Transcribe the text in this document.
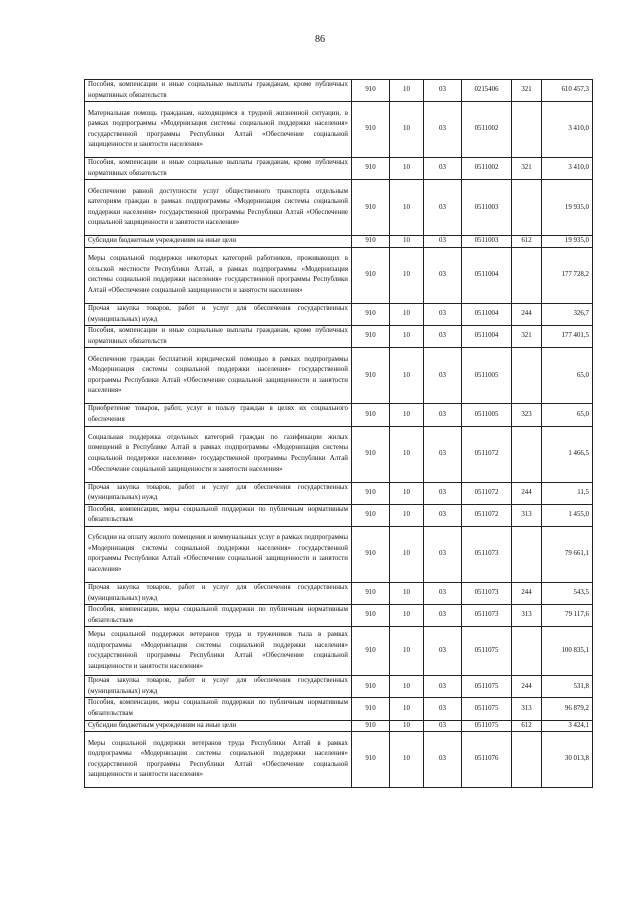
86
Пособия, компенсации и иные социальные выплаты гражданам, кроме публичных нормативных обязательств	910	10	03	0215406	321	610 457,3
Материальная помощь гражданам, находящимся в трудной жизненной ситуации, в рамках подпрограммы «Модернизация системы социальной поддержки населения» государственной программы Республики Алтай «Обеспечение социальной защищенности и занятости населения»	910	10	03	0511002		3 410,0
Пособия, компенсации и иные социальные выплаты гражданам, кроме публичных нормативных обязательств	910	10	03	0511002	321	3 410,0
Обеспечение равной доступности услуг общественного транспорта отдельным категориям граждан в рамках подпрограммы «Модернизация системы социальной поддержки населения» государственной программы Республики Алтай «Обеспечение социальной защищенности и занятости населения»	910	10	03	0511003		19 935,0
Субсидии бюджетным учреждениям на иные цели	910	10	03	0511003	612	19 935,0
Меры социальной поддержки некоторых категорий работников, проживающих в сельской местности Республики Алтай, в рамках подпрограммы «Модернизация системы социальной поддержки населения» государственной программы Республики Алтай «Обеспечение социальной защищенности и занятости населения»	910	10	03	0511004		177 728,2
Прочая закупка товаров, работ и услуг для обеспечения государственных (муниципальных) нужд	910	10	03	0511004	244	326,7
Пособия, компенсации и иные социальные выплаты гражданам, кроме публичных нормативных обязательств	910	10	03	0511004	321	177 401,5
Обеспечение граждан бесплатной юридической помощью в рамках подпрограммы «Модернизация системы социальной поддержки населения» государственной программы Республики Алтай «Обеспечение социальной защищенности и занятости населения»	910	10	03	0511005		65,0
Приобретение товаров, работ, услуг в пользу граждан в целях их социального обеспечения	910	10	03	0511005	323	65,0
Социальная поддержка отдельных категорий граждан по газификации жилых помещений в Республике Алтай в рамках подпрограммы «Модернизация системы социальной поддержки населения» государственной программы Республики Алтай «Обеспечение социальной защищенности и занятости населения»	910	10	03	0511072		1 466,5
Прочая закупка товаров, работ и услуг для обеспечения государственных (муниципальных) нужд	910	10	03	0511072	244	11,5
Пособия, компенсации, меры социальной поддержки по публичным нормативным обязательствам	910	10	03	0511072	313	1 455,0
Субсидии на оплату жилого помещения и коммунальных услуг в рамках подпрограммы «Модернизация системы социальной поддержки населения» государственной программы Республики Алтай «Обеспечение социальной защищенности и занятости населения»	910	10	03	0511073		79 661,1
Прочая закупка товаров, работ и услуг для обеспечения государственных (муниципальных) нужд	910	10	03	0511073	244	543,5
Пособия, компенсации, меры социальной поддержки по публичным нормативным обязательствам	910	10	03	0511073	313	79 117,6
Меры социальной поддержки ветеранов труда и тружеников тыла в рамках подпрограммы «Модернизация системы социальной поддержки населения» государственной программы Республики Алтай «Обеспечение социальной защищенности и занятости населения»	910	10	03	0511075		100 835,1
Прочая закупка товаров, работ и услуг для обеспечения государственных (муниципальных) нужд	910	10	03	0511075	244	531,8
Пособия, компенсации, меры социальной поддержки по публичным нормативным обязательствам	910	10	03	0511075	313	96 879,2
Субсидии бюджетным учреждениям на иные цели	910	10	03	0511075	612	3 424,1
Меры социальной поддержки ветеранов труда Республики Алтай в рамках подпрограммы «Модернизация системы социальной поддержки населения» государственной программы Республики Алтай «Обеспечение социальной защищенности и занятости населения»	910	10	03	0511076		30 013,8
